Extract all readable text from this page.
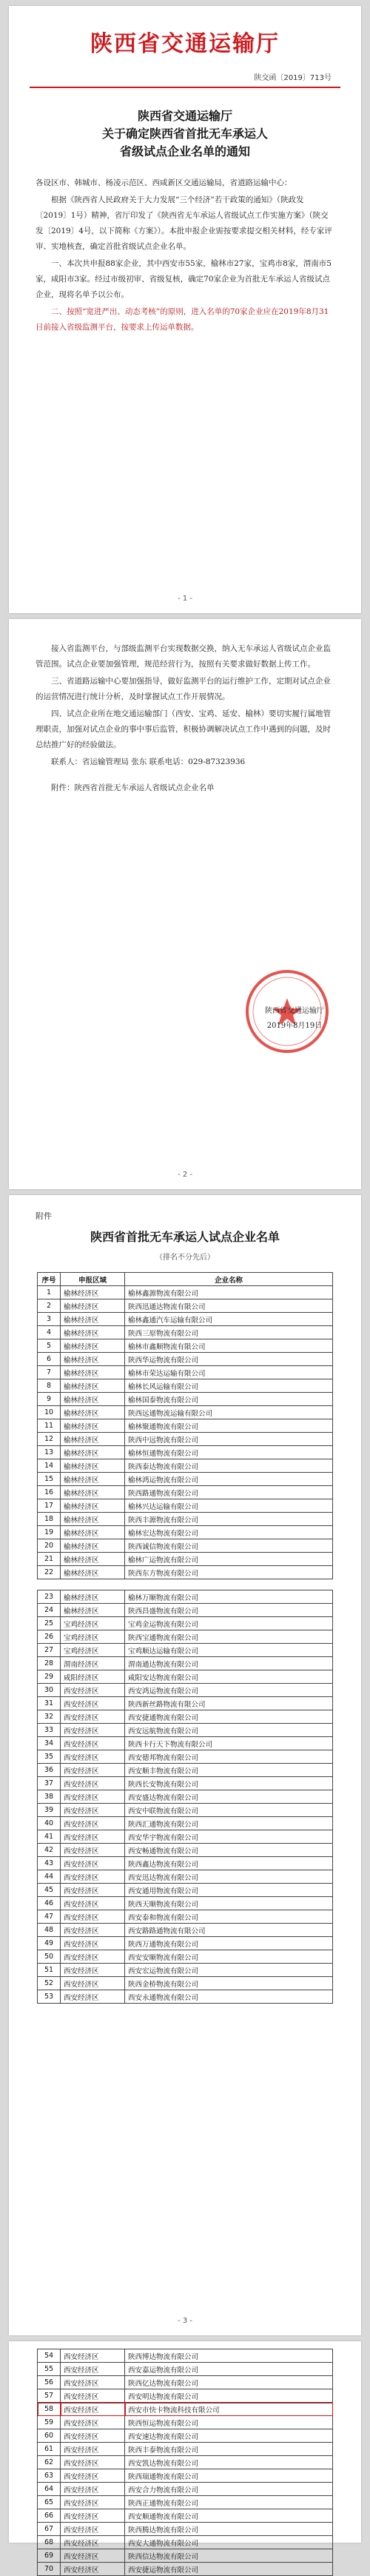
陕西省交通运输厅
陕交函〔2019〕713号
陕西省交通运输厅
关于确定陕西省首批无车承运人
省级试点企业名单的通知

各设区市、韩城市、杨凌示范区、西咸新区交通运输局，省道路运输中心：

根据《陕西省人民政府关于大力发展“三个经济”若干政策的通知》（陕政发〔2019〕1号）精神，省厅印发了《陕西省无车承运人省级试点工作实施方案》（陕交发〔2019〕4号，以下简称《方案》）。本批申报企业需按要求提交相关材料，经专家评审、实地核查，确定首批省级试点企业名单。

一、本次共申报88家企业，其中西安市55家，榆林市27家，宝鸡市8家，渭南市5家，咸阳市3家。经过市级初审、省级复核，确定70家企业为首批无车承运人省级试点企业，现将名单予以公布。

二、按照“宽进严出、动态考核”的原则，进入名单的70家企业应在2019年8月31日前接入省级监测平台，按要求上传运单数据。

- 1 -

接入省监测平台，与部级监测平台实现数据交换，纳入无车承运人省级试点企业监管范围。试点企业要加强管理，规范经营行为，按照有关要求做好数据上传工作。

三、省道路运输中心要加强指导，做好监测平台的运行维护工作，定期对试点企业的运营情况进行统计分析，及时掌握试点工作开展情况。

四、试点企业所在地交通运输部门（西安、宝鸡、延安、榆林）要切实履行属地管理职责，加强对试点企业的事中事后监管，积极协调解决试点工作中遇到的问题，及时总结推广好的经验做法。

联系人：省运输管理局 张东 联系电话：029-87323936

附件：陕西省首批无车承运人省级试点企业名单

陕西省交通运输厅
2019年8月19日
- 2 -
附件
陕西省首批无车承运人试点企业名单
（排名不分先后）
序号	申报区域	企业名称
1	榆林经济区	榆林鑫源物流有限公司
2	榆林经济区	陕西迅通达物流有限公司
3	榆林经济区	榆林鑫通汽车运输有限公司
4	榆林经济区	陕西三原物流有限公司
5	榆林经济区	榆林市鑫顺物流有限公司
6	榆林经济区	陕西华运物流有限公司
7	榆林经济区	榆林市荣达运输有限公司
8	榆林经济区	榆林长风运输有限公司
9	榆林经济区	榆林国泰物流有限公司
10	榆林经济区	陕西远通物流运输有限公司
11	榆林经济区	榆林聚通物流有限公司
12	榆林经济区	陕西中远物流有限公司
13	榆林经济区	榆林恒通物流有限公司
14	榆林经济区	陕西泰达物流有限公司
15	榆林经济区	榆林鸿运物流有限公司
16	榆林经济区	陕西路通物流有限公司
17	榆林经济区	榆林兴达运输有限公司
18	榆林经济区	陕西丰源物流有限公司
19	榆林经济区	榆林宏达物流有限公司
20	榆林经济区	陕西诚信物流有限公司
21	榆林经济区	榆林广运物流有限公司
22	榆林经济区	陕西东方物流有限公司
23	榆林经济区	榆林万顺物流有限公司
24	榆林经济区	陕西昌盛物流有限公司
25	宝鸡经济区	宝鸡金运物流有限公司
26	宝鸡经济区	陕西宝通物流有限公司
27	宝鸡经济区	宝鸡顺达运输有限公司
28	渭南经济区	渭南通达物流有限公司
29	咸阳经济区	咸阳安达物流有限公司
30	西安经济区	西安鸿运物流有限公司
31	西安经济区	陕西新丝路物流有限公司
32	西安经济区	西安捷通物流有限公司
33	西安经济区	西安远航物流有限公司
34	西安经济区	陕西卡行天下物流有限公司
35	西安经济区	西安德邦物流有限公司
36	西安经济区	西安顺丰物流有限公司
37	西安经济区	陕西长安物流有限公司
38	西安经济区	西安盛达物流有限公司
39	西安经济区	西安中联物流有限公司
40	西安经济区	陕西汇通物流有限公司
41	西安经济区	西安华宇物流有限公司
42	西安经济区	西安畅通物流有限公司
43	西安经济区	陕西鑫达物流有限公司
44	西安经济区	西安迅达物流有限公司
45	西安经济区	西安通用物流有限公司
46	西安经济区	陕西天顺物流有限公司
47	西安经济区	西安泰和物流有限公司
48	西安经济区	西安路路通物流有限公司
49	西安经济区	陕西万通物流有限公司
50	西安经济区	西安安顺物流有限公司
51	西安经济区	西安宏运物流有限公司
52	西安经济区	陕西金桥物流有限公司
53	西安经济区	西安永通物流有限公司
- 3 -
54	西安经济区	陕西博达物流有限公司
55	西安经济区	西安嘉运物流有限公司
56	西安经济区	陕西亿达物流有限公司
57	西安经济区	西安明达物流有限公司
58	西安经济区	西安市快卡物流科技有限公司
59	西安经济区	陕西恒运物流有限公司
60	西安经济区	西安速达物流有限公司
61	西安经济区	陕西丰泰物流有限公司
62	西安经济区	西安凯达物流有限公司
63	西安经济区	陕西瑞通物流有限公司
64	西安经济区	西安合力物流有限公司
65	西安经济区	陕西正通物流有限公司
66	西安经济区	西安顺通物流有限公司
67	西安经济区	陕西腾达物流有限公司
68	西安经济区	西安大通物流有限公司
69	西安经济区	陕西信达物流有限公司
70	西安经济区	西安捷运物流有限公司
